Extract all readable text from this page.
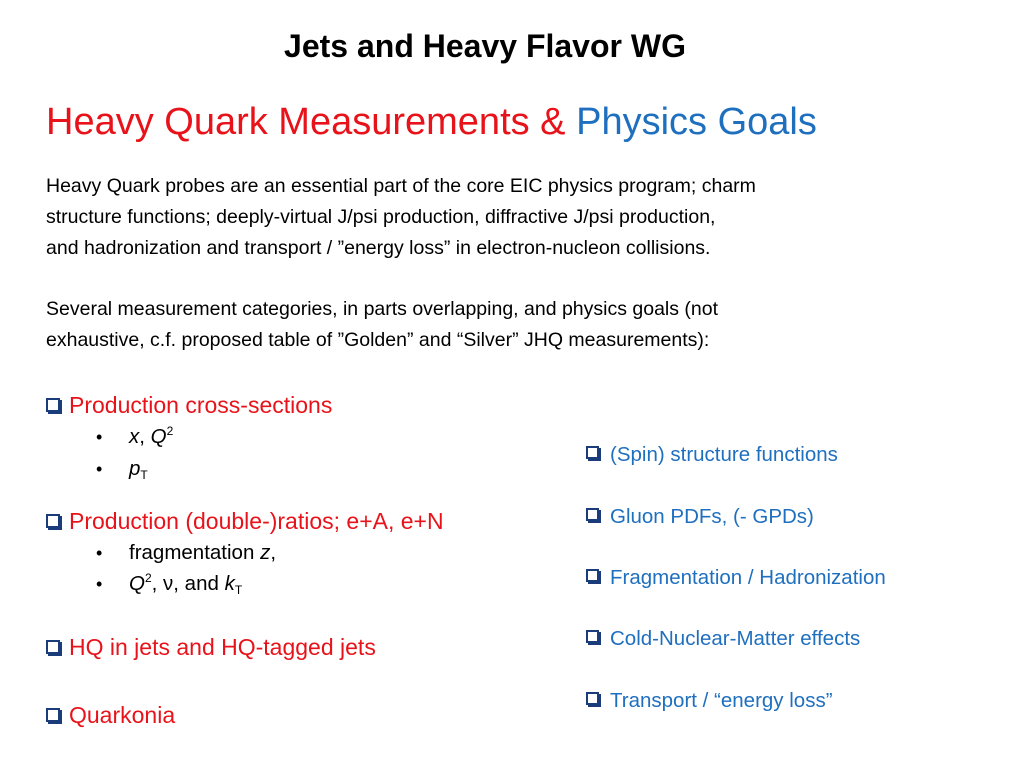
Jets and Heavy Flavor WG
Heavy Quark Measurements & Physics Goals
Heavy Quark probes are an essential part of the core EIC physics program; charm
structure functions; deeply-virtual J/psi production, diffractive J/psi production,
and hadronization and transport / ”energy loss” in electron-nucleon collisions.
Several measurement categories, in parts overlapping, and physics goals (not
exhaustive, c.f. proposed table of ”Golden” and “Silver” JHQ measurements):
Production cross-sections
• x, $Q^2$
• $p_T$
Production (double-)ratios; e+A, e+N
• fragmentation z,
• $Q^2$, ν, and $k_T$
HQ in jets and HQ-tagged jets
Quarkonia
(Spin) structure functions
Gluon PDFs, (- GPDs)
Fragmentation / Hadronization
Cold-Nuclear-Matter effects
Transport / “energy loss”
